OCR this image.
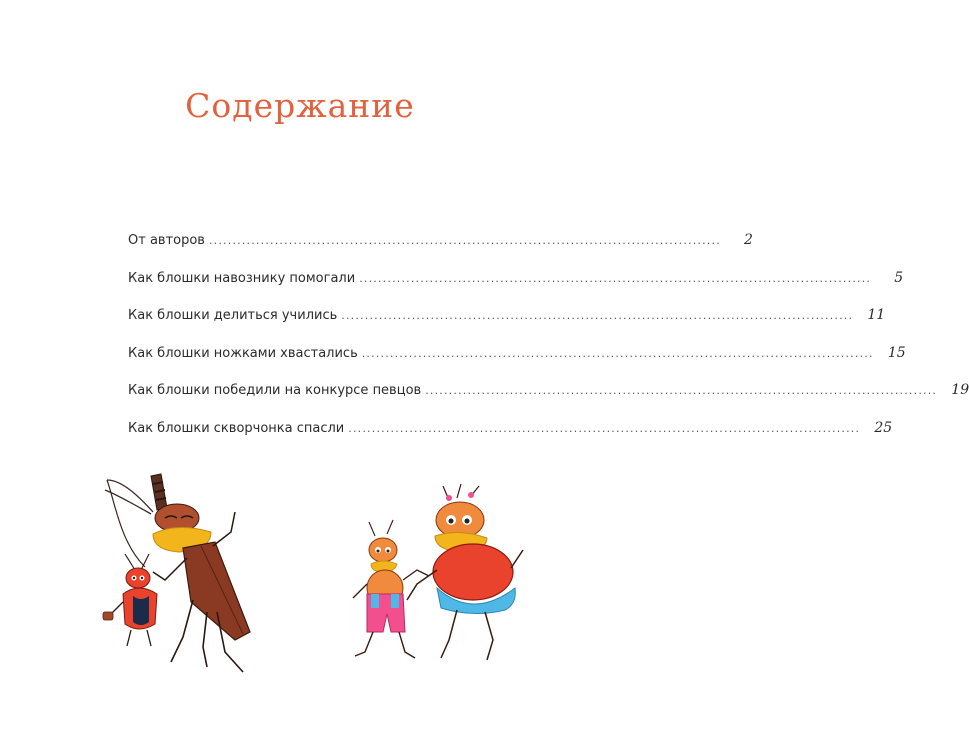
Содержание
От авторов .............................................................................................................	2
Как блошки навознику помогали .............................................................................................................	5
Как блошки делиться учились .............................................................................................................	11
Как блошки ножками хвастались .............................................................................................................	15
Как блошки победили на конкурсе певцов .............................................................................................................	19
Как блошки скворчонка спасли .............................................................................................................	25
